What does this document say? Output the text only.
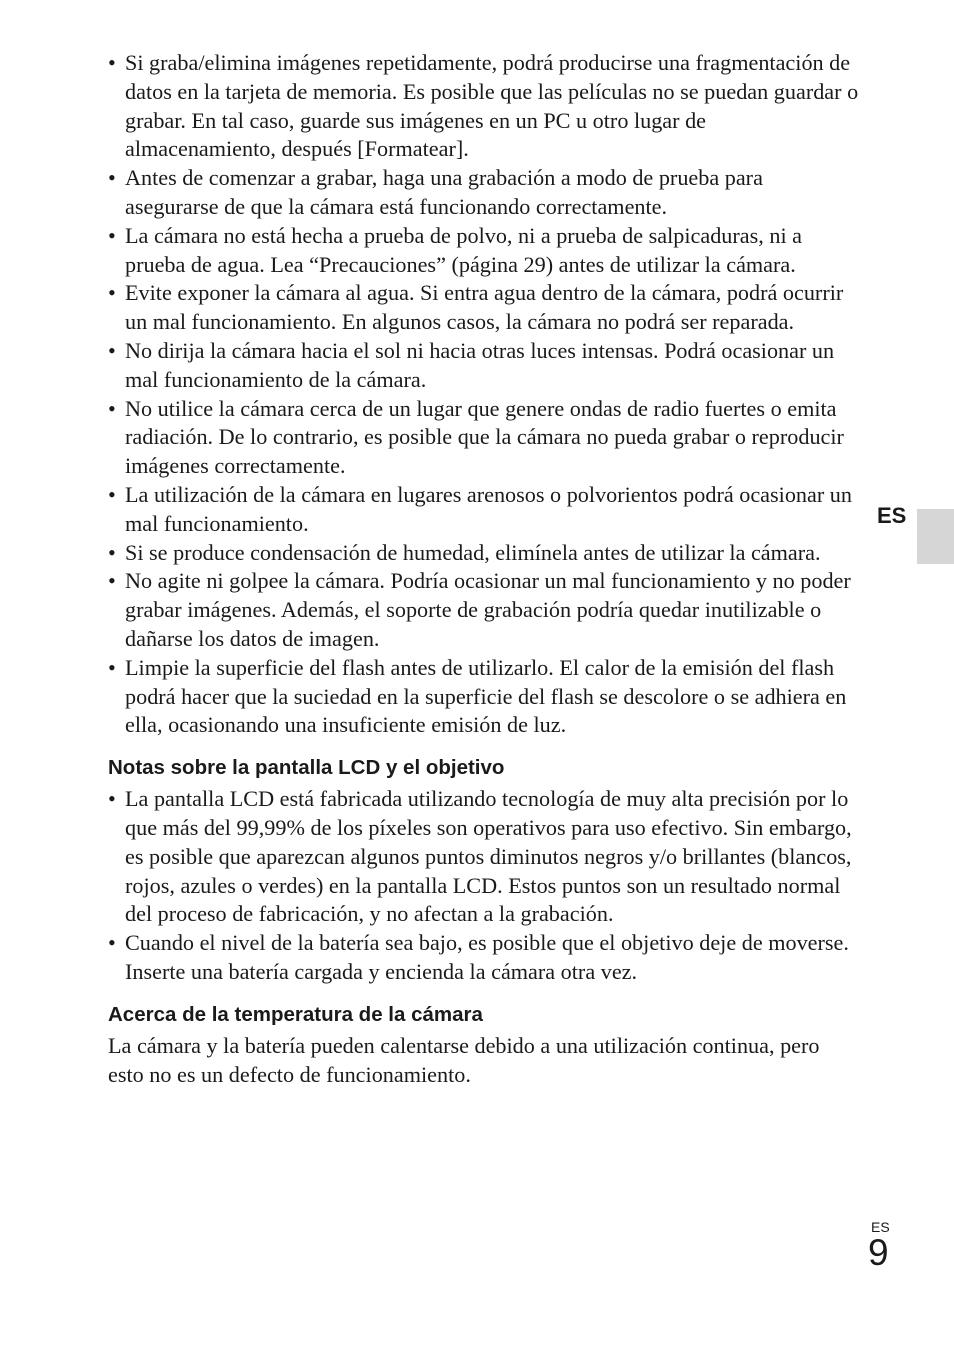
• Si graba/elimina imágenes repetidamente, podrá producirse una fragmentación de datos en la tarjeta de memoria. Es posible que las películas no se puedan guardar o grabar. En tal caso, guarde sus imágenes en un PC u otro lugar de almacenamiento, después [Formatear].
• Antes de comenzar a grabar, haga una grabación a modo de prueba para asegurarse de que la cámara está funcionando correctamente.
• La cámara no está hecha a prueba de polvo, ni a prueba de salpicaduras, ni a prueba de agua. Lea “Precauciones” (página 29) antes de utilizar la cámara.
• Evite exponer la cámara al agua. Si entra agua dentro de la cámara, podrá ocurrir un mal funcionamiento. En algunos casos, la cámara no podrá ser reparada.
• No dirija la cámara hacia el sol ni hacia otras luces intensas. Podrá ocasionar un mal funcionamiento de la cámara.
• No utilice la cámara cerca de un lugar que genere ondas de radio fuertes o emita radiación. De lo contrario, es posible que la cámara no pueda grabar o reproducir imágenes correctamente.
• La utilización de la cámara en lugares arenosos o polvorientos podrá ocasionar un mal funcionamiento.
• Si se produce condensación de humedad, elimínela antes de utilizar la cámara.
• No agite ni golpee la cámara. Podría ocasionar un mal funcionamiento y no poder grabar imágenes. Además, el soporte de grabación podría quedar inutilizable o dañarse los datos de imagen.
• Limpie la superficie del flash antes de utilizarlo. El calor de la emisión del flash podrá hacer que la suciedad en la superficie del flash se descolore o se adhiera en ella, ocasionando una insuficiente emisión de luz.
Notas sobre la pantalla LCD y el objetivo
• La pantalla LCD está fabricada utilizando tecnología de muy alta precisión por lo que más del 99,99% de los píxeles son operativos para uso efectivo. Sin embargo, es posible que aparezcan algunos puntos diminutos negros y/o brillantes (blancos, rojos, azules o verdes) en la pantalla LCD. Estos puntos son un resultado normal del proceso de fabricación, y no afectan a la grabación.
• Cuando el nivel de la batería sea bajo, es posible que el objetivo deje de moverse. Inserte una batería cargada y encienda la cámara otra vez.
Acerca de la temperatura de la cámara

La cámara y la batería pueden calentarse debido a una utilización continua, pero esto no es un defecto de funcionamiento.

ES
ES
9
